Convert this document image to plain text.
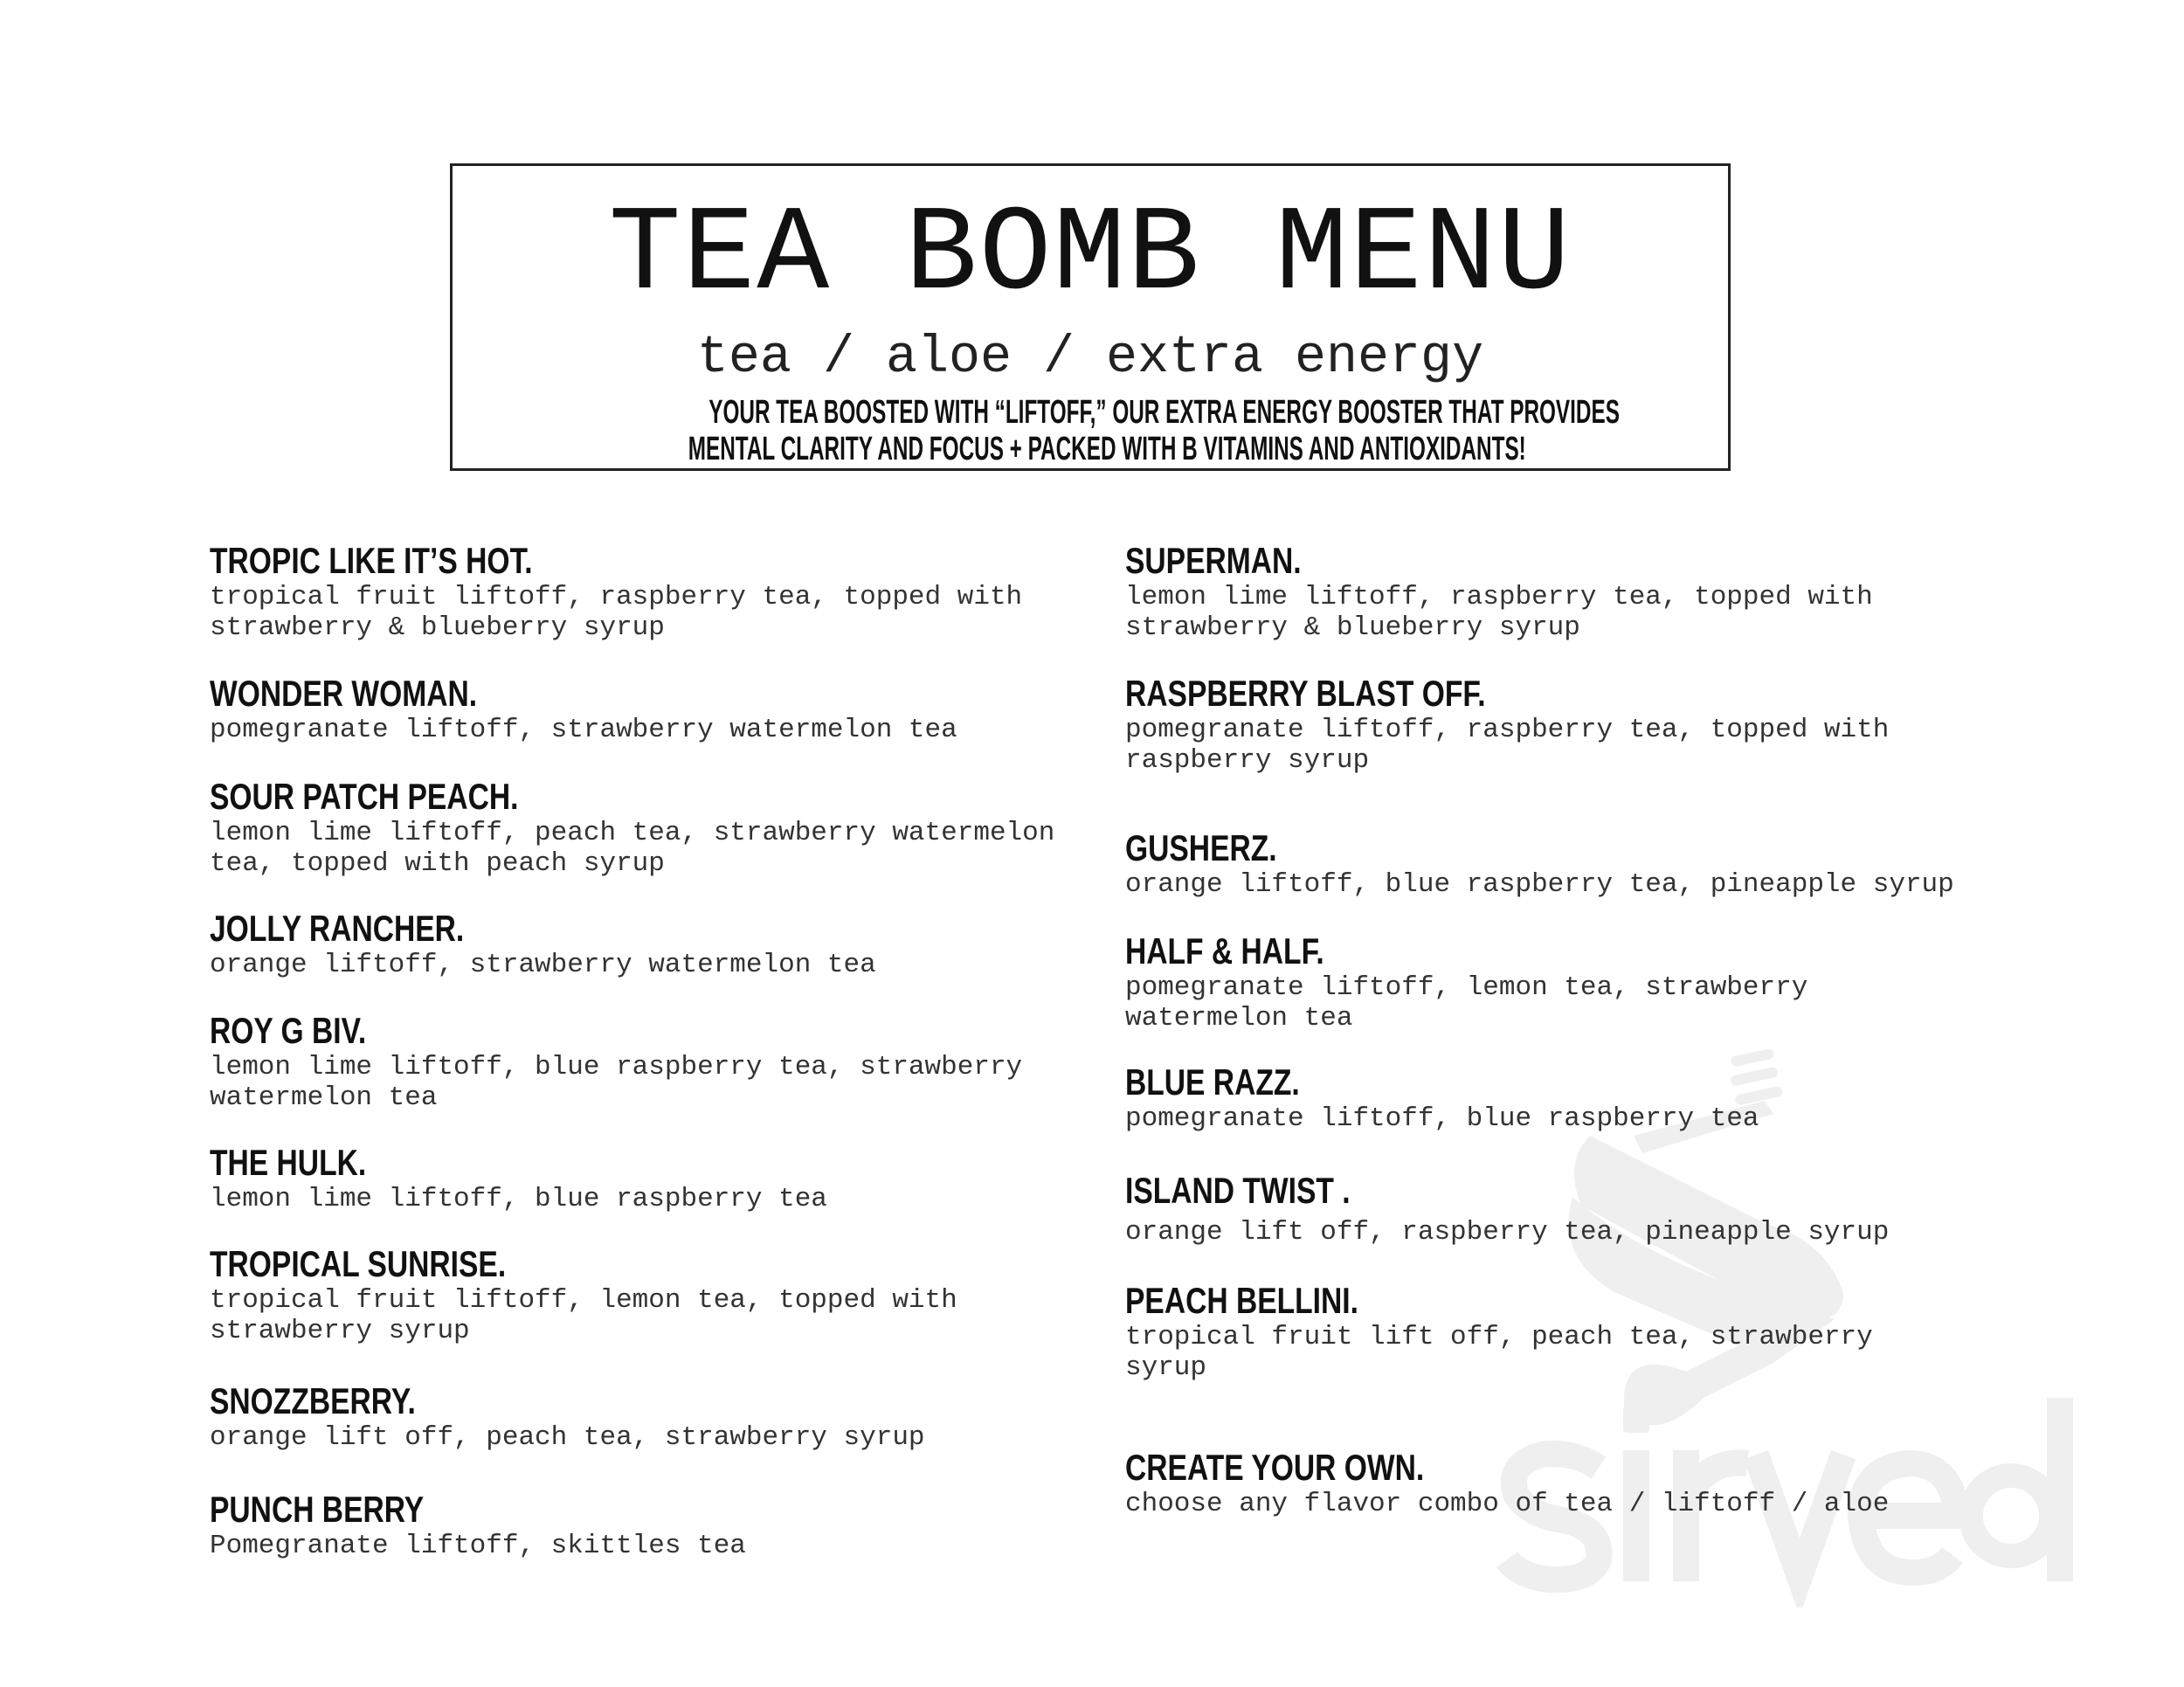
TEA BOMB MENU
tea / aloe / extra energy
YOUR TEA BOOSTED WITH “LIFTOFF,” OUR EXTRA ENERGY BOOSTER THAT PROVIDES
MENTAL CLARITY AND FOCUS + PACKED WITH B VITAMINS AND ANTIOXIDANTS!
TROPIC LIKE IT’S HOT.

tropical fruit liftoff, raspberry tea, topped with
strawberry & blueberry syrup

WONDER WOMAN.

pomegranate liftoff, strawberry watermelon tea

SOUR PATCH PEACH.

lemon lime liftoff, peach tea, strawberry watermelon
tea, topped with peach syrup

JOLLY RANCHER.

orange liftoff, strawberry watermelon tea

ROY G BIV.

lemon lime liftoff, blue raspberry tea, strawberry
watermelon tea

THE HULK.

lemon lime liftoff, blue raspberry tea

TROPICAL SUNRISE.

tropical fruit liftoff, lemon tea, topped with
strawberry syrup

SNOZZBERRY.

orange lift off, peach tea, strawberry syrup

PUNCH BERRY

Pomegranate liftoff, skittles tea

SUPERMAN.

lemon lime liftoff, raspberry tea, topped with
strawberry & blueberry syrup

RASPBERRY BLAST OFF.

pomegranate liftoff, raspberry tea, topped with
raspberry syrup

GUSHERZ.

orange liftoff, blue raspberry tea, pineapple syrup

HALF & HALF.

pomegranate liftoff, lemon tea, strawberry
watermelon tea

BLUE RAZZ.

pomegranate liftoff, blue raspberry tea

ISLAND TWIST .

orange lift off, raspberry tea, pineapple syrup

PEACH BELLINI.

tropical fruit lift off, peach tea, strawberry
syrup

CREATE YOUR OWN.

choose any flavor combo of tea / liftoff / aloe
